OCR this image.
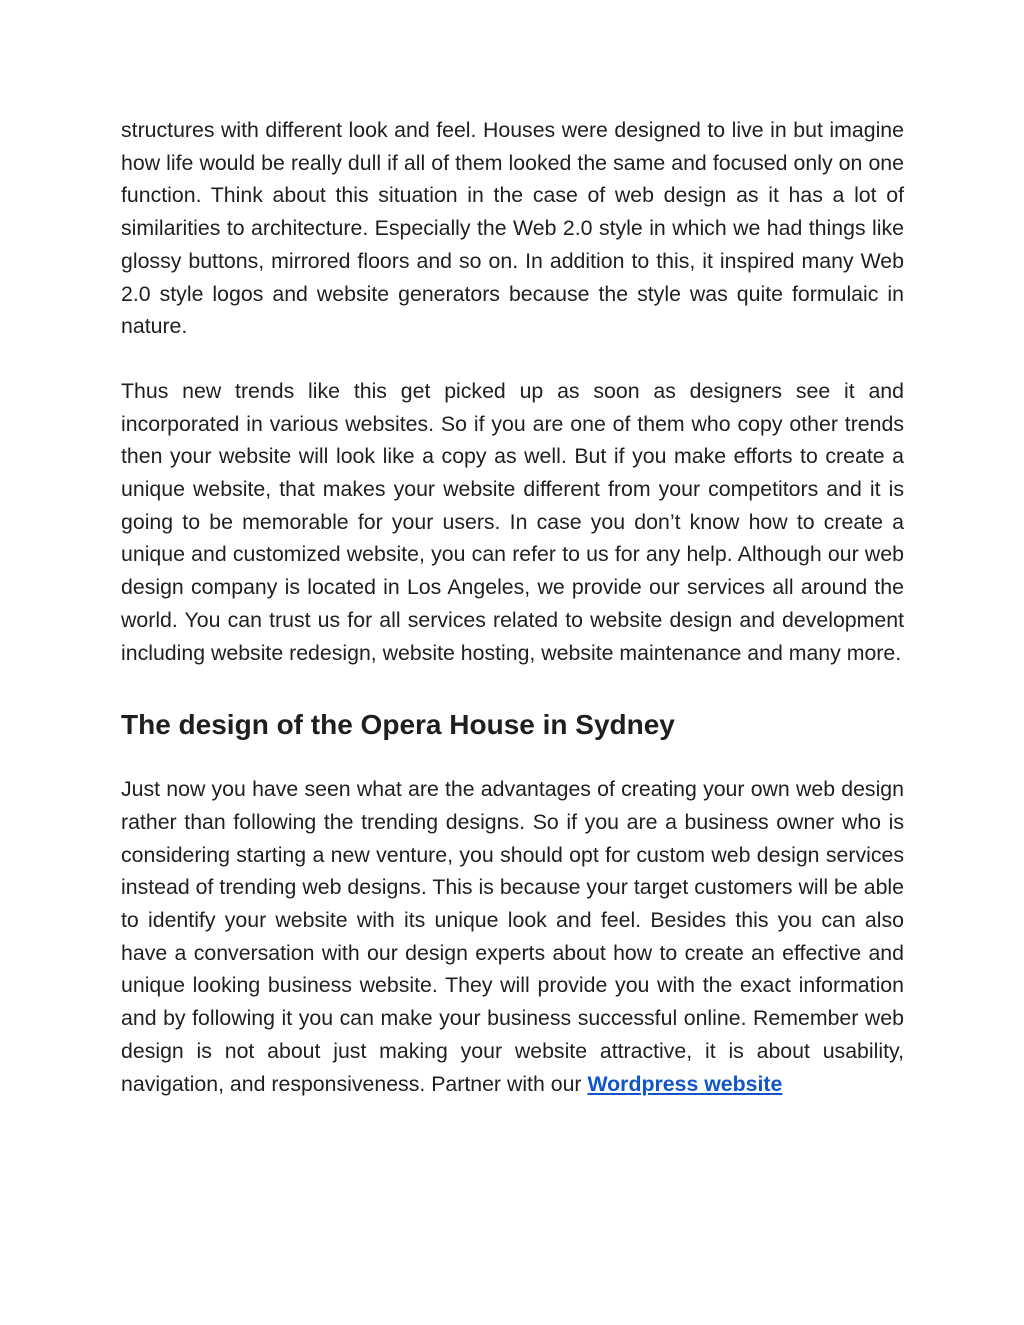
structures with different look and feel. Houses were designed to live in but imagine how life would be really dull if all of them looked the same and focused only on one function. Think about this situation in the case of web design as it has a lot of similarities to architecture. Especially the Web 2.0 style in which we had things like glossy buttons, mirrored floors and so on. In addition to this, it inspired many Web 2.0 style logos and website generators because the style was quite formulaic in nature.

Thus new trends like this get picked up as soon as designers see it and incorporated in various websites. So if you are one of them who copy other trends then your website will look like a copy as well. But if you make efforts to create a unique website, that makes your website different from your competitors and it is going to be memorable for your users. In case you don’t know how to create a unique and customized website, you can refer to us for any help. Although our web design company is located in Los Angeles, we provide our services all around the world. You can trust us for all services related to website design and development including website redesign, website hosting, website maintenance and many more.

The design of the Opera House in Sydney

Just now you have seen what are the advantages of creating your own web design rather than following the trending designs. So if you are a business owner who is considering starting a new venture, you should opt for custom web design services instead of trending web designs. This is because your target customers will be able to identify your website with its unique look and feel. Besides this you can also have a conversation with our design experts about how to create an effective and unique looking business website. They will provide you with the exact information and by following it you can make your business successful online. Remember web design is not about just making your website attractive, it is about usability, navigation, and responsiveness. Partner with our Wordpress website
